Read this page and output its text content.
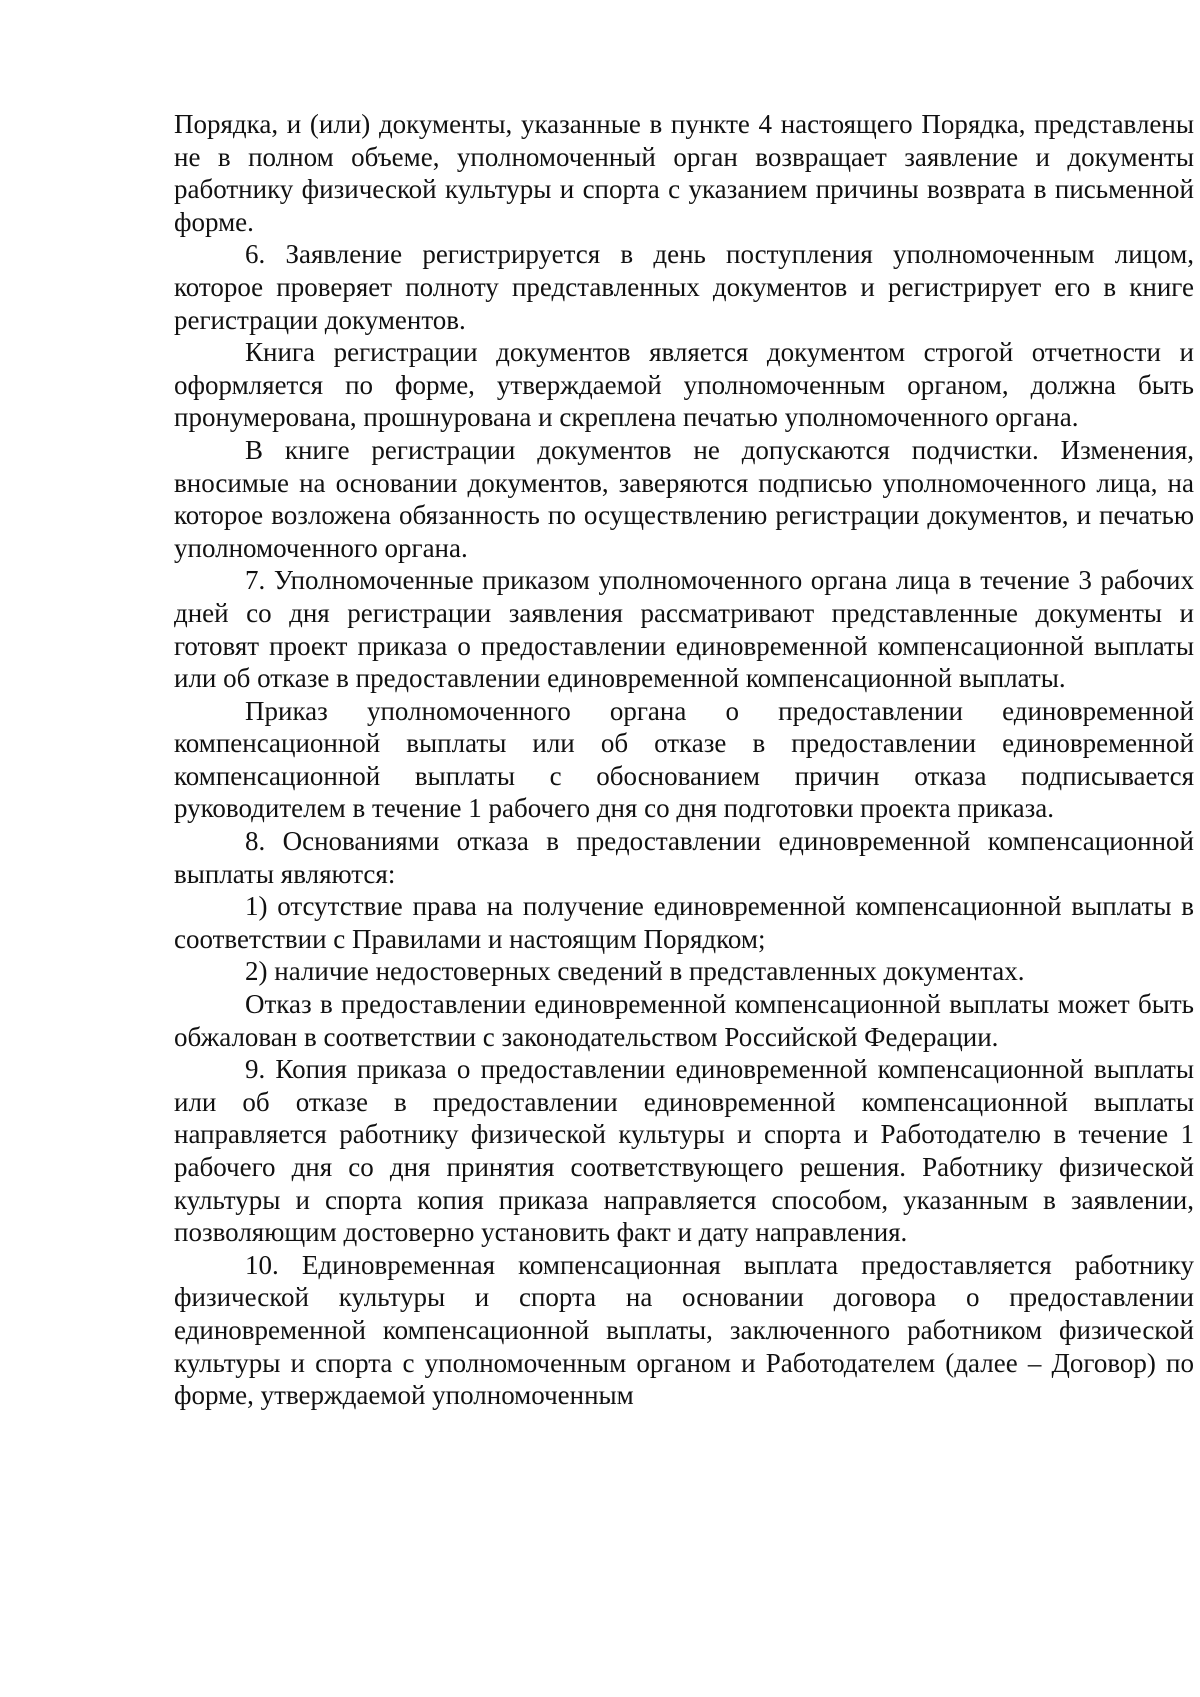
Порядка, и (или) документы, указанные в пункте 4 настоящего Порядка, представлены не в полном объеме, уполномоченный орган возвращает заявление и документы работнику физической культуры и спорта с указанием причины возврата в письменной форме.

6. Заявление регистрируется в день поступления уполномоченным лицом, которое проверяет полноту представленных документов и регистрирует его в книге регистрации документов.

Книга регистрации документов является документом строгой отчетности и оформляется по форме, утверждаемой уполномоченным органом, должна быть пронумерована, прошнурована и скреплена печатью уполномоченного органа.

В книге регистрации документов не допускаются подчистки. Изменения, вносимые на основании документов, заверяются подписью уполномоченного лица, на которое возложена обязанность по осуществлению регистрации документов, и печатью уполномоченного органа.

7. Уполномоченные приказом уполномоченного органа лица в течение 3 рабочих дней со дня регистрации заявления рассматривают представленные документы и готовят проект приказа о предоставлении единовременной компенсационной выплаты или об отказе в предоставлении единовременной компенсационной выплаты.

Приказ уполномоченного органа о предоставлении единовременной компенсационной выплаты или об отказе в предоставлении единовременной компенсационной выплаты с обоснованием причин отказа подписывается руководителем в течение 1 рабочего дня со дня подготовки проекта приказа.

8. Основаниями отказа в предоставлении единовременной компенсационной выплаты являются:

1) отсутствие права на получение единовременной компенсационной выплаты в соответствии с Правилами и настоящим Порядком;

2) наличие недостоверных сведений в представленных документах.

Отказ в предоставлении единовременной компенсационной выплаты может быть обжалован в соответствии с законодательством Российской Федерации.

9. Копия приказа о предоставлении единовременной компенсационной выплаты или об отказе в предоставлении единовременной компенсационной выплаты направляется работнику физической культуры и спорта и Работодателю в течение 1 рабочего дня со дня принятия соответствующего решения. Работнику физической культуры и спорта копия приказа направляется способом, указанным в заявлении, позволяющим достоверно установить факт и дату направления.

10. Единовременная компенсационная выплата предоставляется работнику физической культуры и спорта на основании договора о предоставлении единовременной компенсационной выплаты, заключенного работником физической культуры и спорта с уполномоченным органом и Работодателем (далее – Договор) по форме, утверждаемой уполномоченным
